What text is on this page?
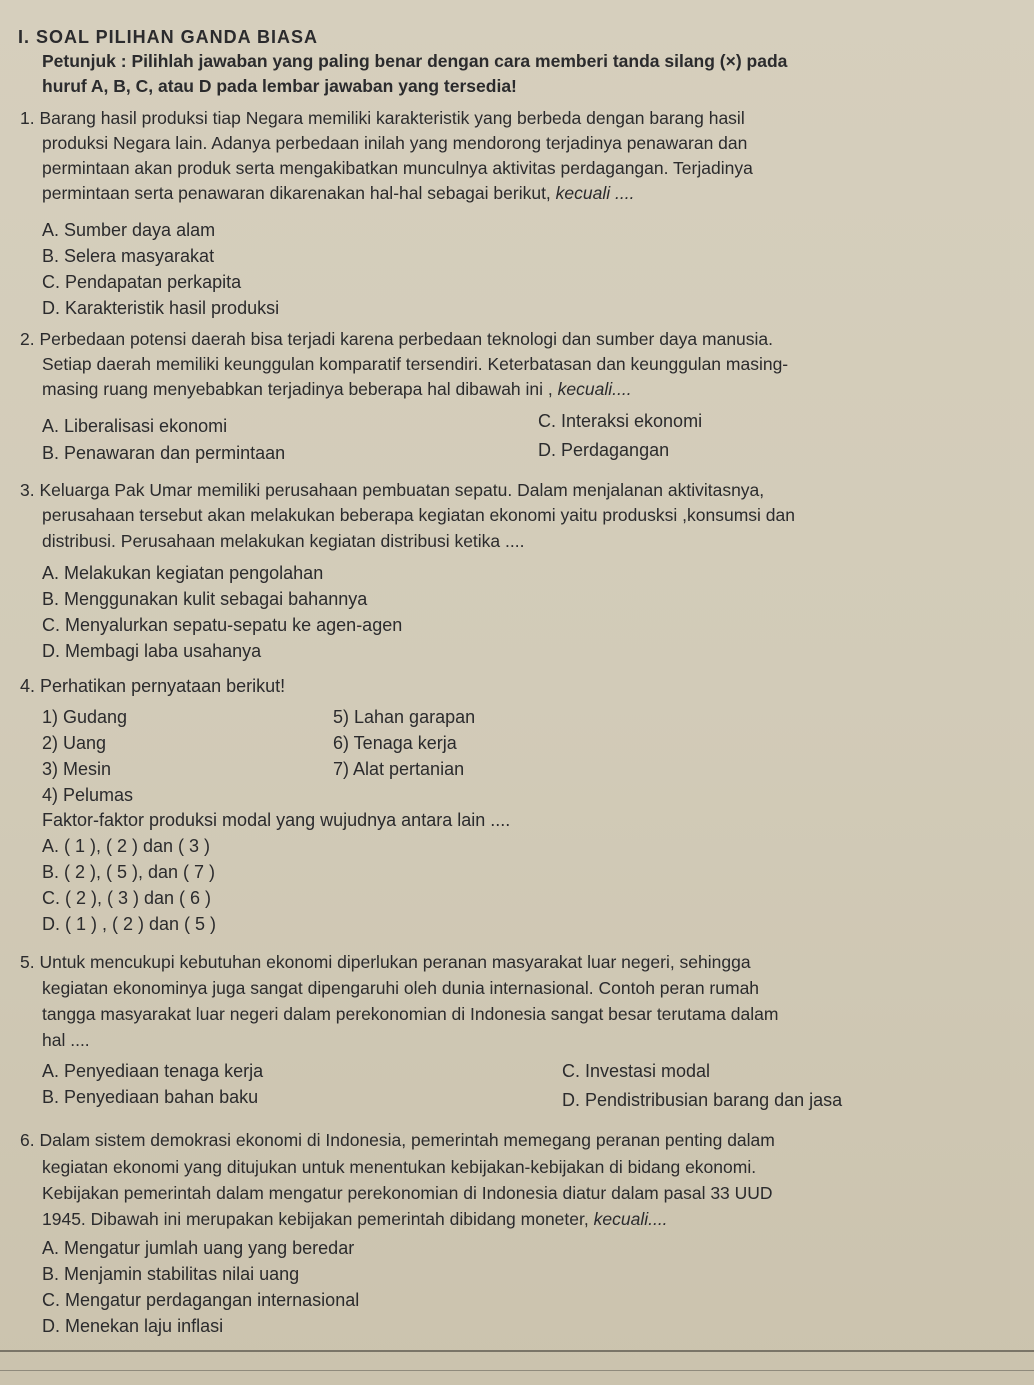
I. SOAL PILIHAN GANDA BIASA
Petunjuk : Pilihlah jawaban yang paling benar dengan cara memberi tanda silang (×) pada
huruf A, B, C, atau D pada lembar jawaban yang tersedia!
1. Barang hasil produksi tiap Negara memiliki karakteristik yang berbeda dengan barang hasil
produksi Negara lain. Adanya perbedaan inilah yang mendorong terjadinya penawaran dan
permintaan akan produk serta mengakibatkan munculnya aktivitas perdagangan. Terjadinya
permintaan serta penawaran dikarenakan hal-hal sebagai berikut, kecuali ....
A. Sumber daya alam
B. Selera masyarakat
C. Pendapatan perkapita
D. Karakteristik hasil produksi
2. Perbedaan potensi daerah bisa terjadi karena perbedaan teknologi dan sumber daya manusia.
Setiap daerah memiliki keunggulan komparatif tersendiri. Keterbatasan dan keunggulan masing-
masing ruang menyebabkan terjadinya beberapa hal dibawah ini , kecuali....
A. Liberalisasi ekonomi	C. Interaksi ekonomi
B. Penawaran dan permintaan	D. Perdagangan
3. Keluarga Pak Umar memiliki perusahaan pembuatan sepatu. Dalam menjalanan aktivitasnya,
perusahaan tersebut akan melakukan beberapa kegiatan ekonomi yaitu produsksi ,konsumsi dan
distribusi. Perusahaan melakukan kegiatan distribusi ketika ....
A. Melakukan kegiatan pengolahan
B. Menggunakan kulit sebagai bahannya
C. Menyalurkan sepatu-sepatu ke agen-agen
D. Membagi laba usahanya
4. Perhatikan pernyataan berikut!
1) Gudang
2) Uang
3) Mesin
4) Pelumas
5) Lahan garapan
6) Tenaga kerja
7) Alat pertanian
Faktor-faktor produksi modal yang wujudnya antara lain ....
A. ( 1 ), ( 2 ) dan ( 3 )
B. ( 2 ), ( 5 ), dan ( 7 )
C. ( 2 ), ( 3 ) dan ( 6 )
D. ( 1 ) , ( 2 ) dan ( 5 )
5. Untuk mencukupi kebutuhan ekonomi diperlukan peranan masyarakat luar negeri, sehingga
kegiatan ekonominya juga sangat dipengaruhi oleh dunia internasional. Contoh peran rumah
tangga masyarakat luar negeri dalam perekonomian di Indonesia sangat besar terutama dalam
hal ....
A. Penyediaan tenaga kerja	C. Investasi modal
B. Penyediaan bahan baku	D. Pendistribusian barang dan jasa
6. Dalam sistem demokrasi ekonomi di Indonesia, pemerintah memegang peranan penting dalam
kegiatan ekonomi yang ditujukan untuk menentukan kebijakan-kebijakan di bidang ekonomi.
Kebijakan pemerintah dalam mengatur perekonomian di Indonesia diatur dalam pasal 33 UUD
1945. Dibawah ini merupakan kebijakan pemerintah dibidang moneter, kecuali....
A. Mengatur jumlah uang yang beredar
B. Menjamin stabilitas nilai uang
C. Mengatur perdagangan internasional
D. Menekan laju inflasi
